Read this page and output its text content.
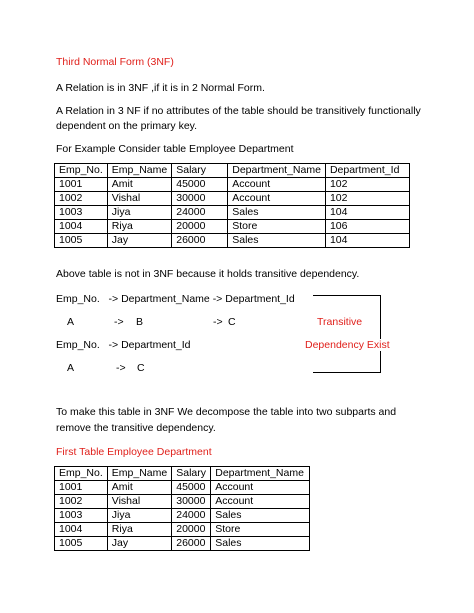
Third Normal Form (3NF)
A Relation is in 3NF ,if it is in 2 Normal Form.
A Relation in 3 NF if no attributes of the table should be transitively functionally
dependent on the primary key.
For Example Consider table Employee Department
Emp_No.	Emp_Name	Salary	Department_Name	Department_Id
1001	Amit	45000	Account	102
1002	Vishal	30000	Account	102
1003	Jiya	24000	Sales	104
1004	Riya	20000	Store	106
1005	Jay	26000	Sales	104
Above table is not in 3NF because it holds transitive dependency.
Emp_No.   -> Department_Name -> Department_Id
A	-> B	-> C
Emp_No.   -> Department_Id
A	-> C
Transitive
Dependency Exist
To make this table in 3NF We decompose the table into two subparts and
remove the transitive dependency.
First Table Employee Department
Emp_No.	Emp_Name	Salary	Department_Name
1001	Amit	45000	Account
1002	Vishal	30000	Account
1003	Jiya	24000	Sales
1004	Riya	20000	Store
1005	Jay	26000	Sales
